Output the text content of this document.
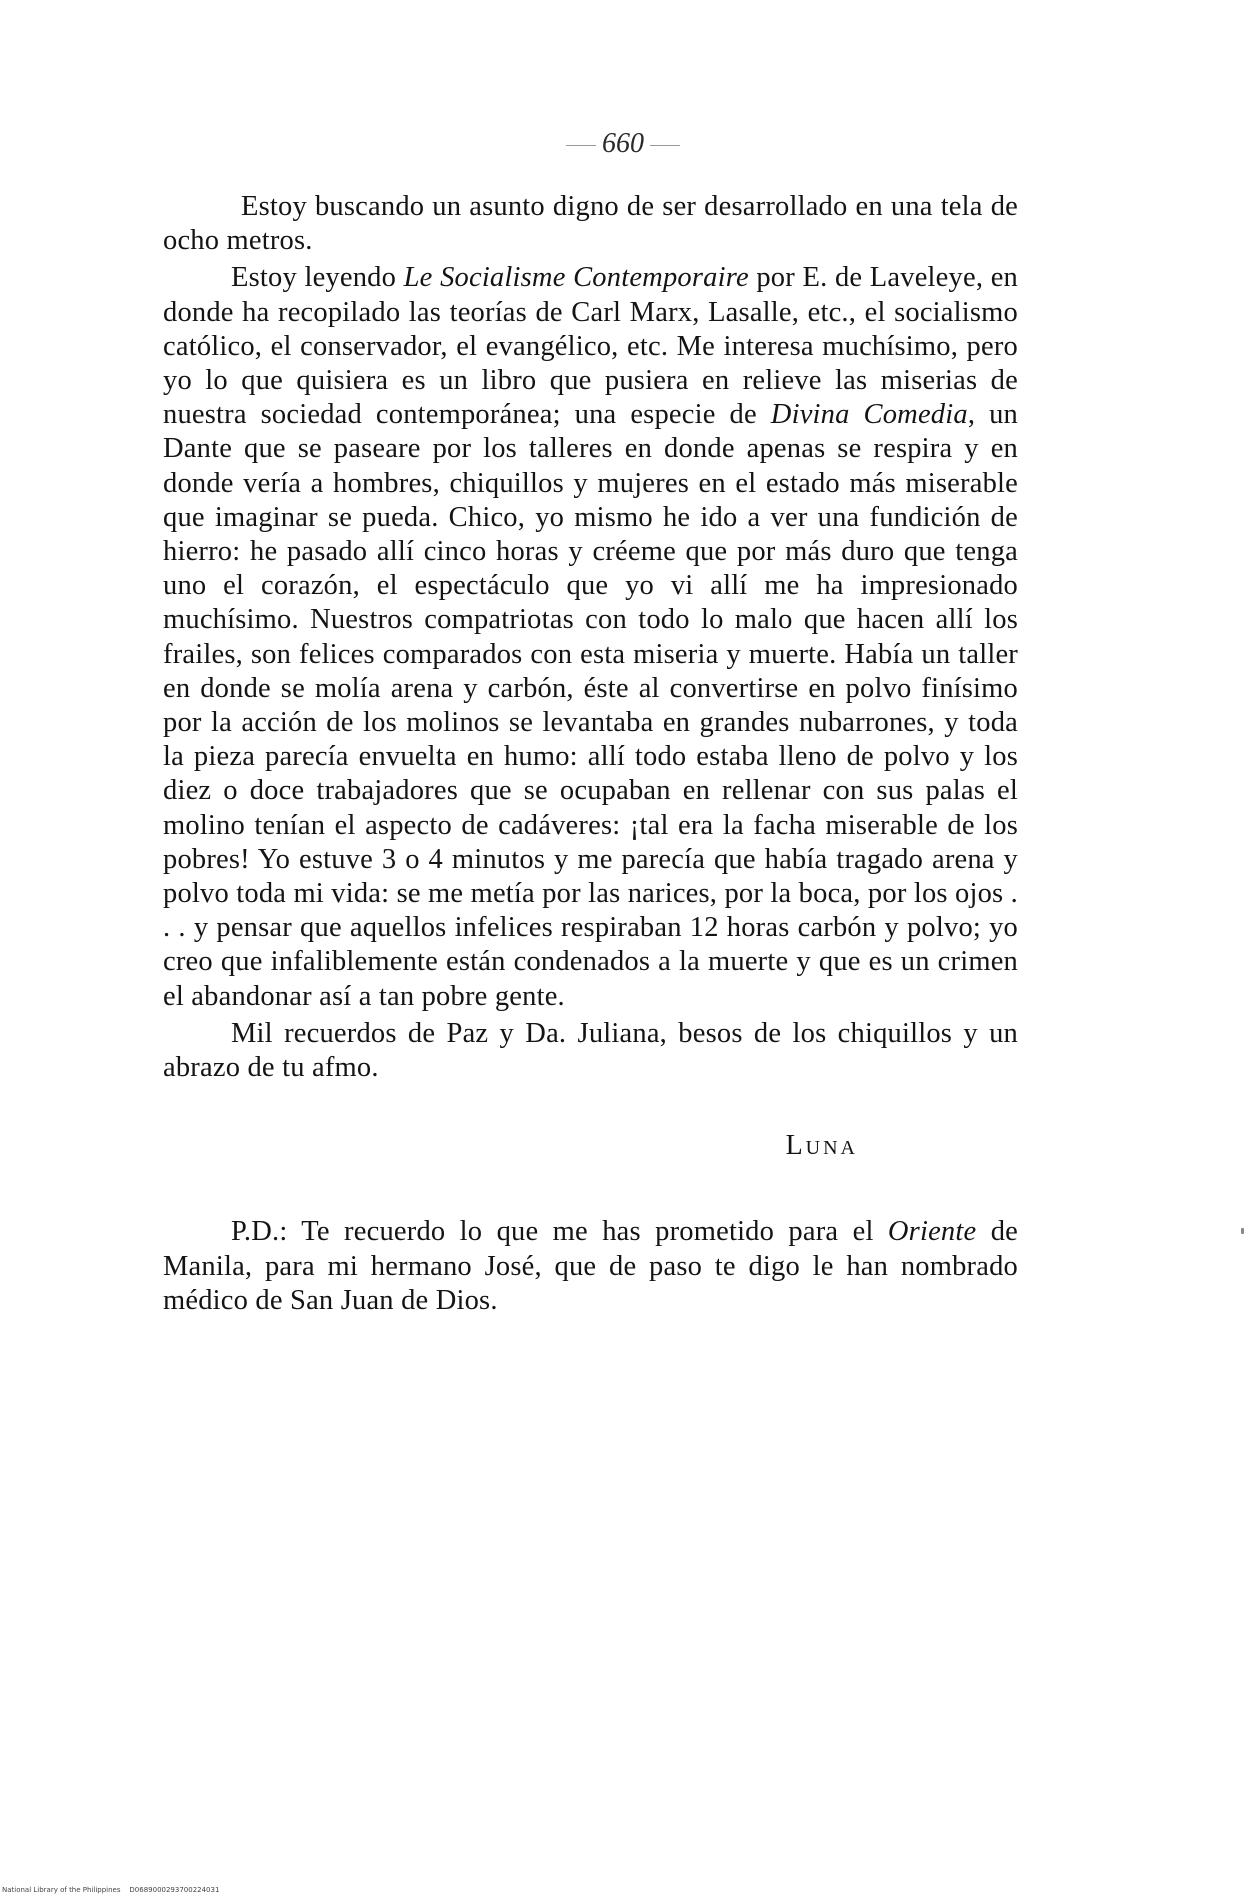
660

Estoy buscando un asunto digno de ser desarrollado en una tela de ocho metros.

Estoy leyendo Le Socialisme Contemporaire por E. de Laveleye, en donde ha recopilado las teorías de Carl Marx, Lasalle, etc., el socialismo católico, el conservador, el evangélico, etc. Me interesa muchísimo, pero yo lo que quisiera es un libro que pusiera en relieve las miserias de nuestra sociedad contemporánea; una especie de Divina Comedia, un Dante que se paseare por los talleres en donde apenas se respira y en donde vería a hombres, chiquillos y mujeres en el estado más miserable que imaginar se pueda. Chico, yo mismo he ido a ver una fundición de hierro: he pasado allí cinco horas y créeme que por más duro que tenga uno el corazón, el espectáculo que yo vi allí me ha impresionado muchísimo. Nuestros compatriotas con todo lo malo que hacen allí los frailes, son felices comparados con esta miseria y muerte. Había un taller en donde se molía arena y carbón, éste al convertirse en polvo finísimo por la acción de los molinos se levantaba en grandes nubarrones, y toda la pieza parecía envuelta en humo: allí todo estaba lleno de polvo y los diez o doce trabajadores que se ocupaban en rellenar con sus palas el molino tenían el aspecto de cadáveres: ¡tal era la facha miserable de los pobres! Yo estuve 3 o 4 minutos y me parecía que había tragado arena y polvo toda mi vida: se me metía por las narices, por la boca, por los ojos . . . y pensar que aquellos infelices respiraban 12 horas carbón y polvo; yo creo que infaliblemente están condenados a la muerte y que es un crimen el abandonar así a tan pobre gente.

Mil recuerdos de Paz y Da. Juliana, besos de los chiquillos y un abrazo de tu afmo.

Luna

P.D.: Te recuerdo lo que me has prometido para el Oriente de Manila, para mi hermano José, que de paso te digo le han nombrado médico de San Juan de Dios.

National Library of the Philippines D0689000293700224031
